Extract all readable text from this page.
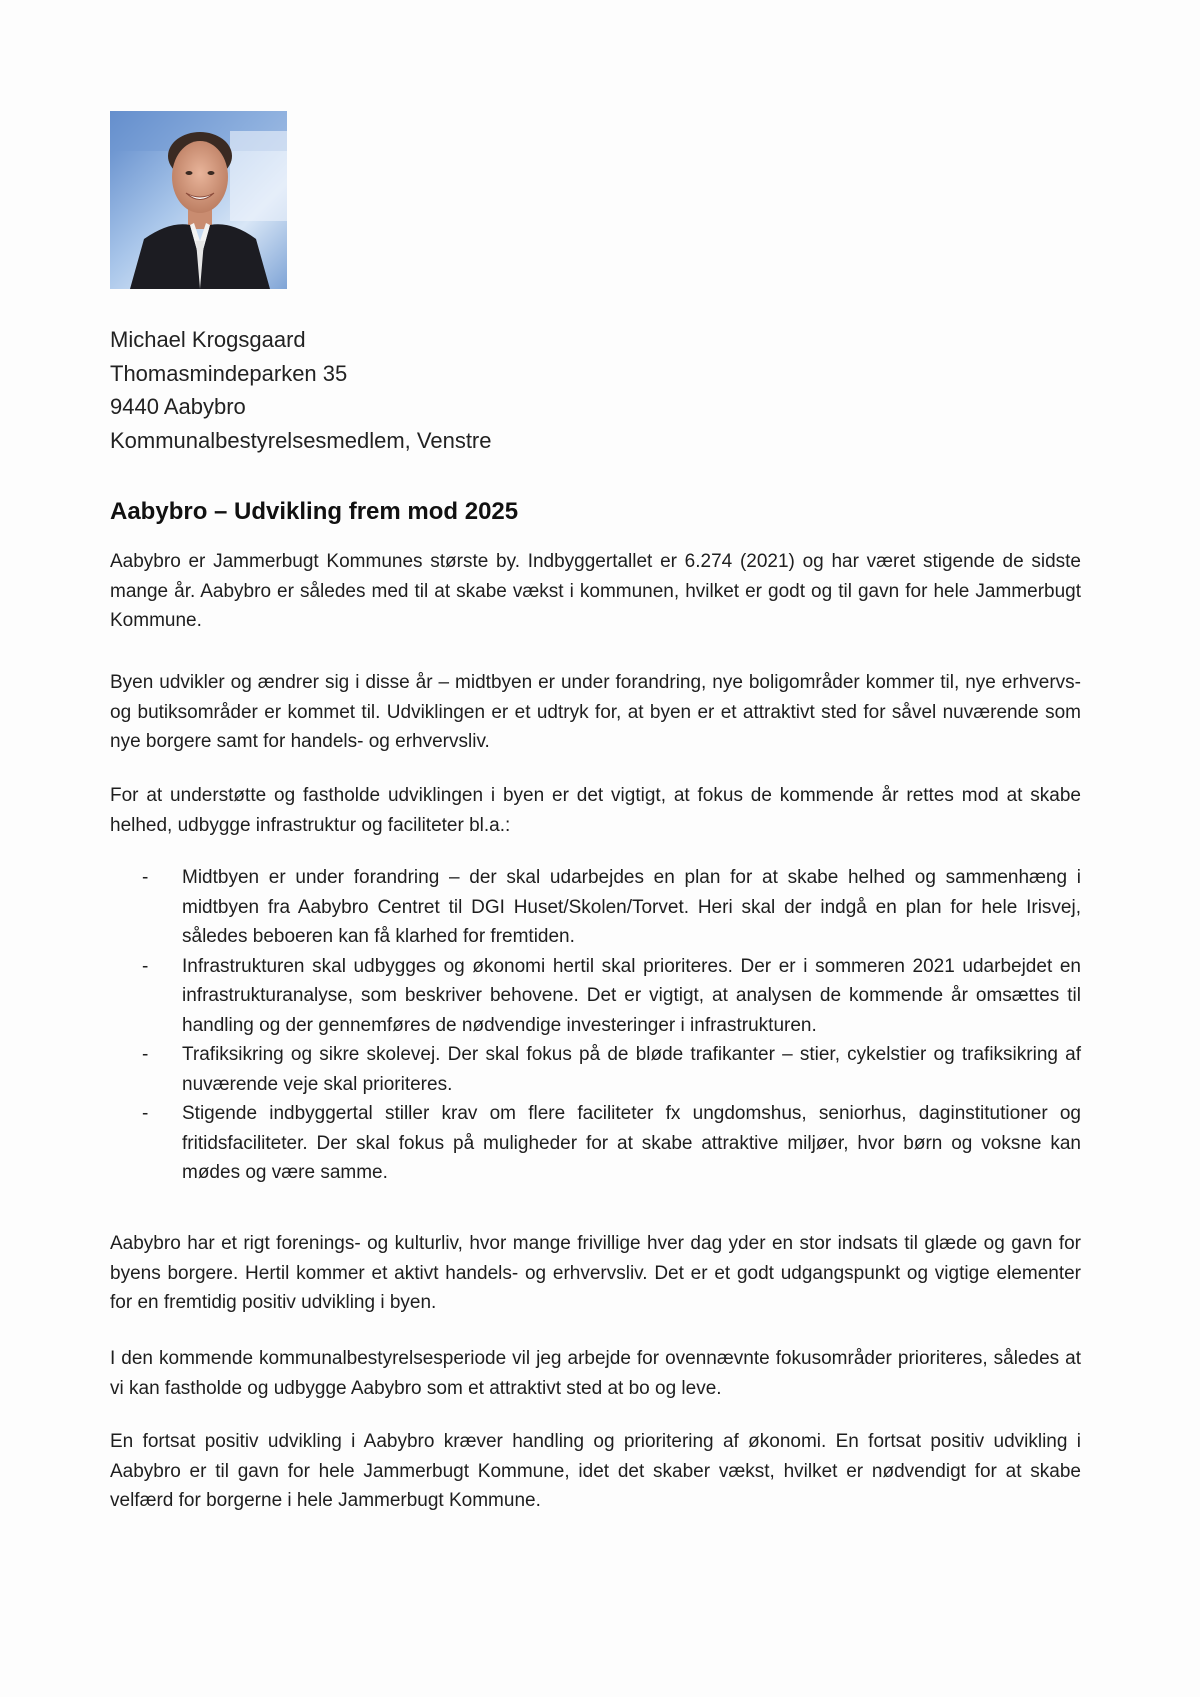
Michael Krogsgaard
Thomasmindeparken 35
9440 Aabybro
Kommunalbestyrelsesmedlem, Venstre
Aabybro – Udvikling frem mod 2025

Aabybro er Jammerbugt Kommunes største by. Indbyggertallet er 6.274 (2021) og har været stigende de sidste mange år. Aabybro er således med til at skabe vækst i kommunen, hvilket er godt og til gavn for hele Jammerbugt Kommune.

Byen udvikler og ændrer sig i disse år – midtbyen er under forandring, nye boligområder kommer til, nye erhvervs- og butiksområder er kommet til. Udviklingen er et udtryk for, at byen er et attraktivt sted for såvel nuværende som nye borgere samt for handels- og erhvervsliv.

For at understøtte og fastholde udviklingen i byen er det vigtigt, at fokus de kommende år rettes mod at skabe helhed, udbygge infrastruktur og faciliteter bl.a.:

- Midtbyen er under forandring – der skal udarbejdes en plan for at skabe helhed og sammenhæng i midtbyen fra Aabybro Centret til DGI Huset/Skolen/Torvet. Heri skal der indgå en plan for hele Irisvej, således beboeren kan få klarhed for fremtiden.
- Infrastrukturen skal udbygges og økonomi hertil skal prioriteres. Der er i sommeren 2021 udarbejdet en infrastrukturanalyse, som beskriver behovene. Det er vigtigt, at analysen de kommende år omsættes til handling og der gennemføres de nødvendige investeringer i infrastrukturen.
- Trafiksikring og sikre skolevej. Der skal fokus på de bløde trafikanter – stier, cykelstier og trafiksikring af nuværende veje skal prioriteres.
- Stigende indbyggertal stiller krav om flere faciliteter fx ungdomshus, seniorhus, daginstitutioner og fritidsfaciliteter. Der skal fokus på muligheder for at skabe attraktive miljøer, hvor børn og voksne kan mødes og være samme.

Aabybro har et rigt forenings- og kulturliv, hvor mange frivillige hver dag yder en stor indsats til glæde og gavn for byens borgere. Hertil kommer et aktivt handels- og erhvervsliv. Det er et godt udgangspunkt og vigtige elementer for en fremtidig positiv udvikling i byen.

I den kommende kommunalbestyrelsesperiode vil jeg arbejde for ovennævnte fokusområder prioriteres, således at vi kan fastholde og udbygge Aabybro som et attraktivt sted at bo og leve.

En fortsat positiv udvikling i Aabybro kræver handling og prioritering af økonomi. En fortsat positiv udvikling i Aabybro er til gavn for hele Jammerbugt Kommune, idet det skaber vækst, hvilket er nødvendigt for at skabe velfærd for borgerne i hele Jammerbugt Kommune.
